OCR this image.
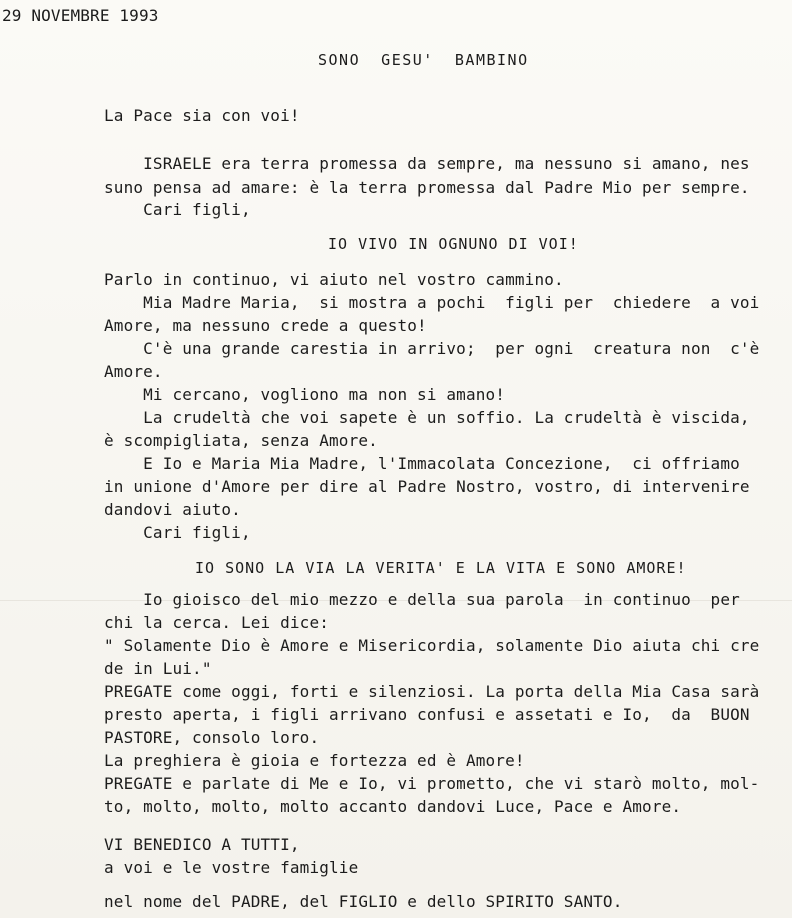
29 NOVEMBRE 1993
SONO  GESU'  BAMBINO
La Pace sia con voi!
ISRAELE era terra promessa da sempre, ma nessuno si amano, nes
suno pensa ad amare: è la terra promessa dal Padre Mio per sempre.
Cari figli,
IO VIVO IN OGNUNO DI VOI!
Parlo in continuo, vi aiuto nel vostro cammino.
Mia Madre Maria,  si mostra a pochi  figli per  chiedere  a voi
Amore, ma nessuno crede a questo!
C'è una grande carestia in arrivo;  per ogni  creatura non  c'è
Amore.
Mi cercano, vogliono ma non si amano!
La crudeltà che voi sapete è un soffio. La crudeltà è viscida,
è scompigliata, senza Amore.
E Io e Maria Mia Madre, l'Immacolata Concezione,  ci offriamo
in unione d'Amore per dire al Padre Nostro, vostro, di intervenire
dandovi aiuto.
Cari figli,
IO SONO LA VIA LA VERITA' E LA VITA E SONO AMORE!
Io gioisco del mio mezzo e della sua parola  in continuo  per
chi la cerca. Lei dice:
" Solamente Dio è Amore e Misericordia, solamente Dio aiuta chi cre
de in Lui."
PREGATE come oggi, forti e silenziosi. La porta della Mia Casa sarà
presto aperta, i figli arrivano confusi e assetati e Io,  da  BUON
PASTORE, consolo loro.
La preghiera è gioia e fortezza ed è Amore!
PREGATE e parlate di Me e Io, vi prometto, che vi starò molto, mol-
to, molto, molto, molto accanto dandovi Luce, Pace e Amore.
VI BENEDICO A TUTTI,
a voi e le vostre famiglie
nel nome del PADRE, del FIGLIO e dello SPIRITO SANTO.
